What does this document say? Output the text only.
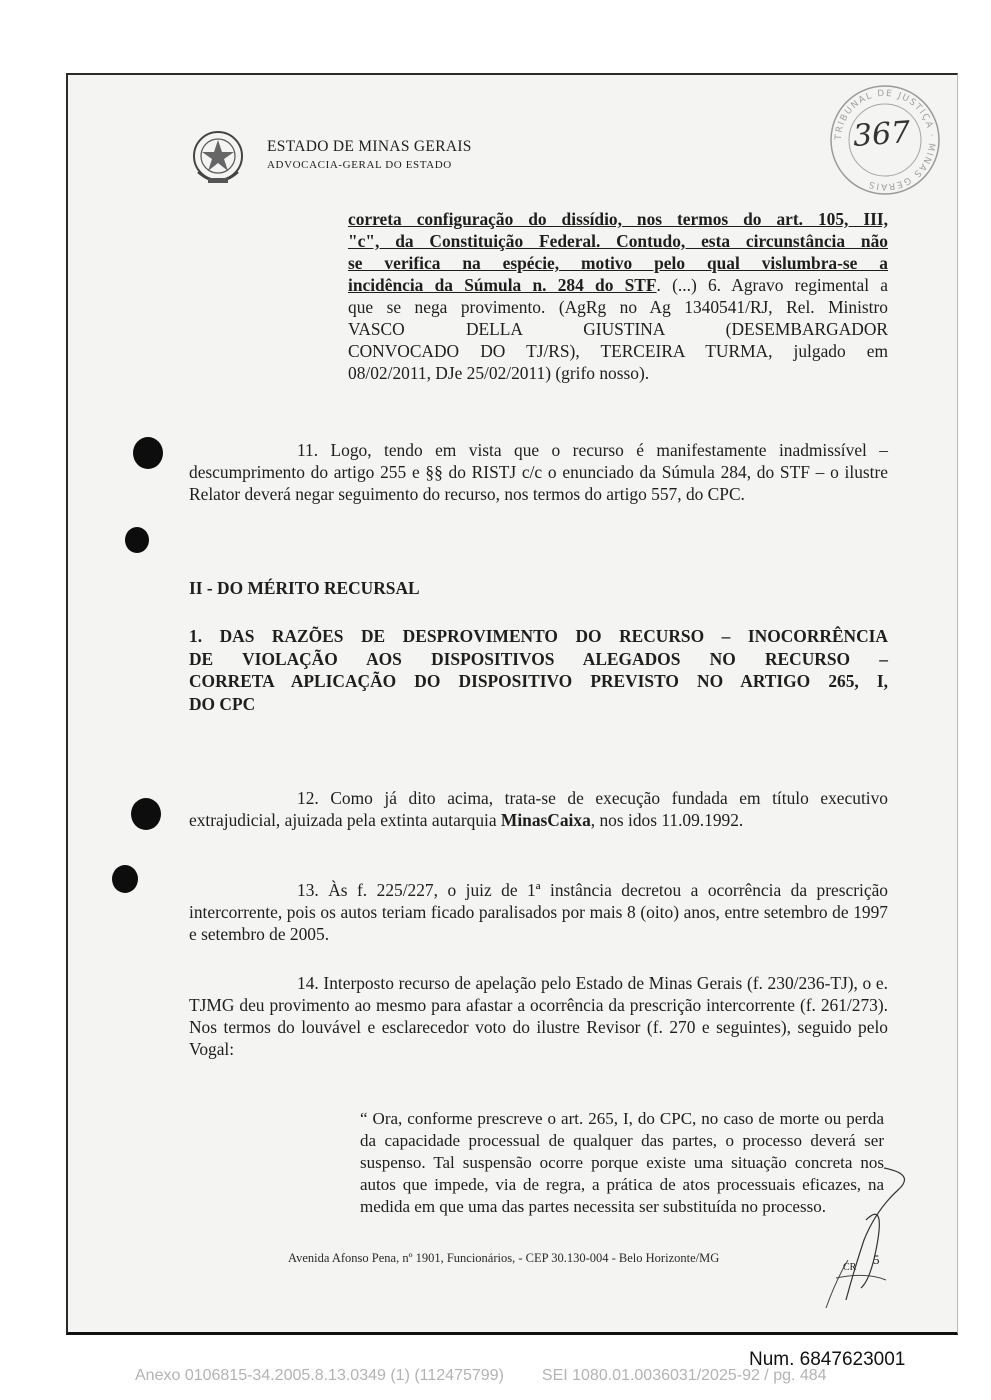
ESTADO DE MINAS GERAIS
ADVOCACIA-GERAL DO ESTADO
TRIBUNAL DE JUSTIÇA · MINAS GERAIS
367

correta configuração do dissídio, nos termos do art. 105, III,

"c", da Constituição Federal. Contudo, esta circunstância não

se verifica na espécie, motivo pelo qual vislumbra-se a

incidência da Súmula n. 284 do STF. (...) 6. Agravo regimental a

que se nega provimento. (AgRg no Ag 1340541/RJ, Rel. Ministro

VASCO DELLA GIUSTINA (DESEMBARGADOR

CONVOCADO DO TJ/RS), TERCEIRA TURMA, julgado em

08/02/2011, DJe 25/02/2011) (grifo nosso).

11. Logo, tendo em vista que o recurso é manifestamente inadmissível – descumprimento do artigo 255 e §§ do RISTJ c/c o enunciado da Súmula 284, do STF – o ilustre Relator deverá negar seguimento do recurso, nos termos do artigo 557, do CPC.
II - DO MÉRITO RECURSAL
1. DAS RAZÕES DE DESPROVIMENTO DO RECURSO – INOCORRÊNCIA
DE VIOLAÇÃO AOS DISPOSITIVOS ALEGADOS NO RECURSO –
CORRETA APLICAÇÃO DO DISPOSITIVO PREVISTO NO ARTIGO 265, I,
DO CPC
12. Como já dito acima, trata-se de execução fundada em título executivo extrajudicial, ajuizada pela extinta autarquia MinasCaixa, nos idos 11.09.1992.
13. Às f. 225/227, o juiz de 1ª instância decretou a ocorrência da prescrição intercorrente, pois os autos teriam ficado paralisados por mais 8 (oito) anos, entre setembro de 1997 e setembro de 2005.
14. Interposto recurso de apelação pelo Estado de Minas Gerais (f. 230/236-TJ), o e. TJMG deu provimento ao mesmo para afastar a ocorrência da prescrição intercorrente (f. 261/273). Nos termos do louvável e esclarecedor voto do ilustre Revisor (f. 270 e seguintes), seguido pelo Vogal:
“ Ora, conforme prescreve o art. 265, I, do CPC, no caso de morte ou perda da capacidade processual de qualquer das partes, o processo deverá ser suspenso. Tal suspensão ocorre porque existe uma situação concreta nos autos que impede, via de regra, a prática de atos processuais eficazes, na medida em que uma das partes necessita ser substituída no processo.
Avenida Afonso Pena, nº 1901, Funcionários, - CEP 30.130-004 - Belo Horizonte/MG
CR
5
Num. 6847623001
Anexo 0106815-34.2005.8.13.0349 (1) (112475799) SEI 1080.01.0036031/2025-92 / pg. 484
